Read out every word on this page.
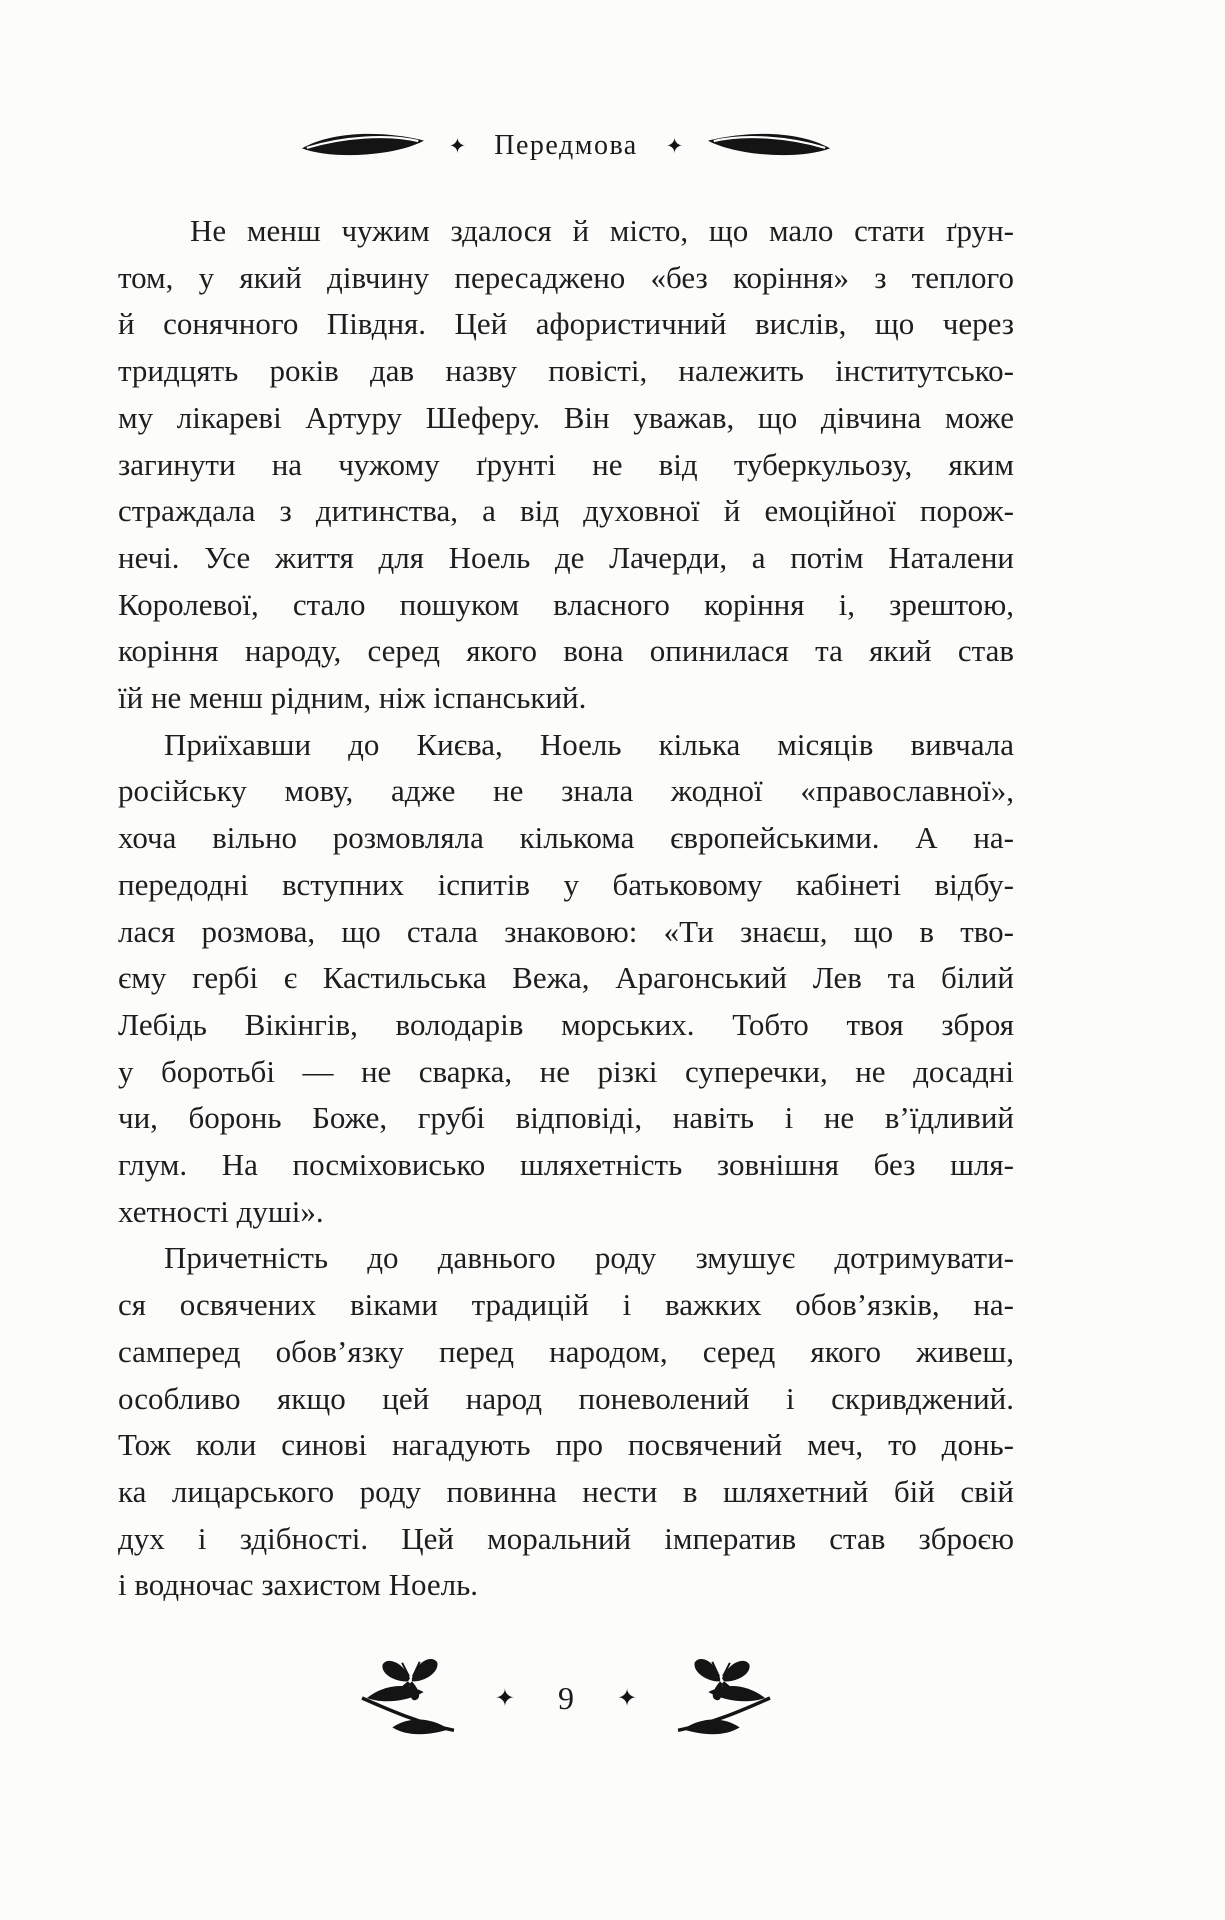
✦ Передмова ✦
Не менш чужим здалося й місто, що мало стати ґрун-
том, у який дівчину пересаджено «без коріння» з теплого
й сонячного Півдня. Цей афористичний вислів, що через
тридцять років дав назву повісті, належить інститутсько-
му лікареві Артуру Шеферу. Він уважав, що дівчина може
загинути на чужому ґрунті не від туберкульозу, яким
страждала з дитинства, а від духовної й емоційної порож-
нечі. Усе життя для Ноель де Лачерди, а потім Наталени
Королевої, стало пошуком власного коріння і, зрештою,
коріння народу, серед якого вона опинилася та який став
їй не менш рідним, ніж іспанський.
Приїхавши до Києва, Ноель кілька місяців вивчала
російську мову, адже не знала жодної «православної»,
хоча вільно розмовляла кількома європейськими. А на-
передодні вступних іспитів у батьковому кабінеті відбу-
лася розмова, що стала знаковою: «Ти знаєш, що в тво-
єму гербі є Кастильська Вежа, Арагонський Лев та білий
Лебідь Вікінгів, володарів морських. Тобто твоя зброя
у боротьбі — не сварка, не різкі суперечки, не досадні
чи, боронь Боже, грубі відповіді, навіть і не в’їдливий
глум. На посміховисько шляхетність зовнішня без шля-
хетності душі».
Причетність до давнього роду змушує дотримувати-
ся освячених віками традицій і важких обов’язків, на-
самперед обов’язку перед народом, серед якого живеш,
особливо якщо цей народ поневолений і скривджений.
Тож коли синові нагадують про посвячений меч, то донь-
ка лицарського роду повинна нести в шляхетний бій свій
дух і здібності. Цей моральний імператив став зброєю
і водночас захистом Ноель.
✦ 9 ✦
